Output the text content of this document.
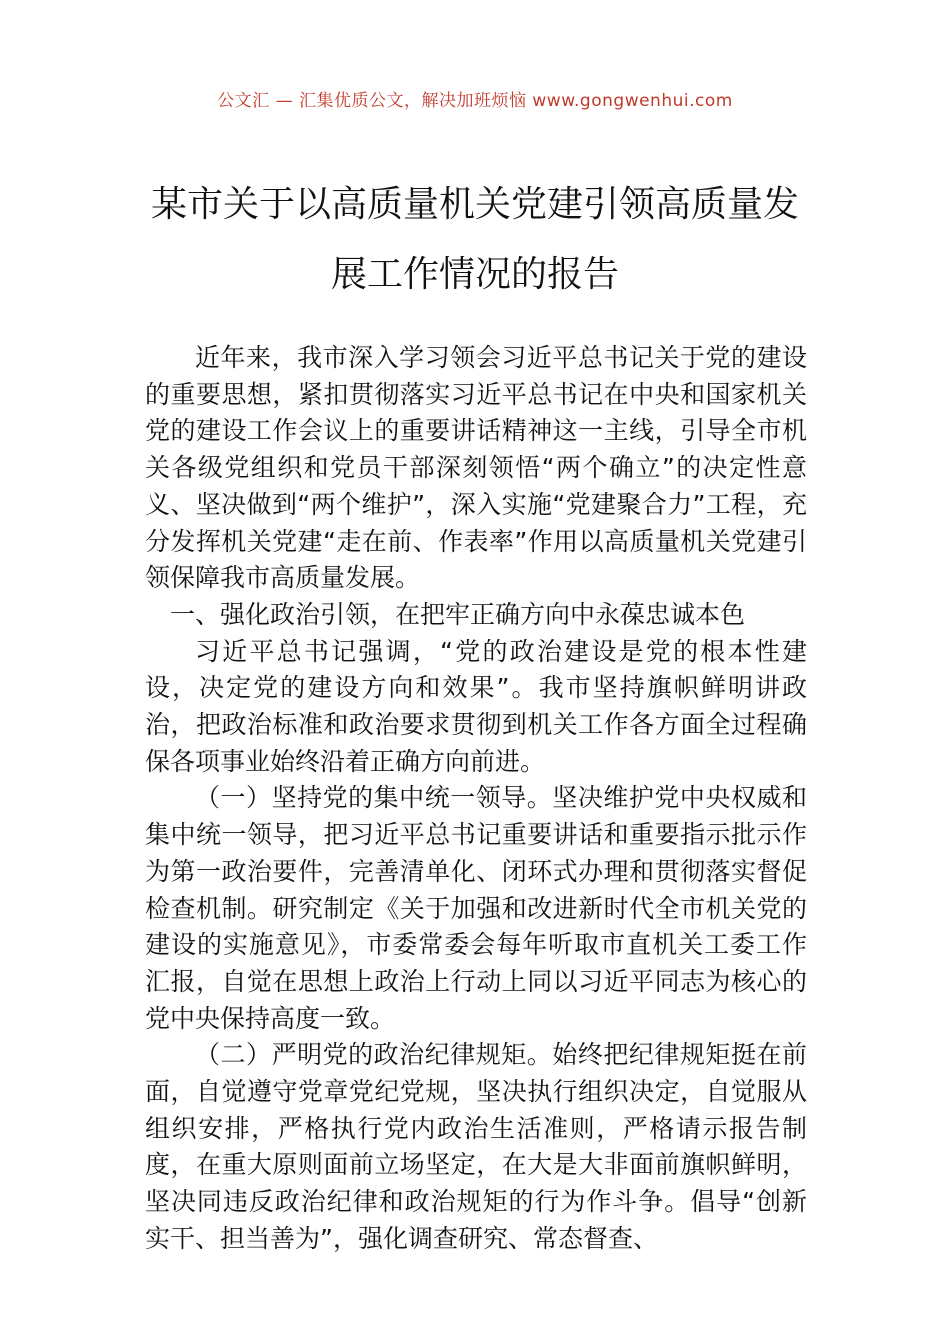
公文汇 — 汇集优质公文，解决加班烦恼 www.gongwenhui.com
某市关于以高质量机关党建引领高质量发展工作情况的报告

近年来，我市深入学习领会习近平总书记关于党的建设的重要思想，紧扣贯彻落实习近平总书记在中央和国家机关党的建设工作会议上的重要讲话精神这一主线，引导全市机关各级党组织和党员干部深刻领悟“两个确立”的决定性意义、坚决做到“两个维护”，深入实施“党建聚合力”工程，充分发挥机关党建“走在前、作表率”作用以高质量机关党建引领保障我市高质量发展。

一、强化政治引领，在把牢正确方向中永葆忠诚本色

习近平总书记强调，“党的政治建设是党的根本性建设，决定党的建设方向和效果”。我市坚持旗帜鲜明讲政治，把政治标准和政治要求贯彻到机关工作各方面全过程确保各项事业始终沿着正确方向前进。

（一）坚持党的集中统一领导。坚决维护党中央权威和集中统一领导，把习近平总书记重要讲话和重要指示批示作为第一政治要件，完善清单化、闭环式办理和贯彻落实督促检查机制。研究制定《关于加强和改进新时代全市机关党的建设的实施意见》，市委常委会每年听取市直机关工委工作汇报，自觉在思想上政治上行动上同以习近平同志为核心的党中央保持高度一致。

（二）严明党的政治纪律规矩。始终把纪律规矩挺在前面，自觉遵守党章党纪党规，坚决执行组织决定，自觉服从组织安排，严格执行党内政治生活准则，严格请示报告制度，在重大原则面前立场坚定，在大是大非面前旗帜鲜明，坚决同违反政治纪律和政治规矩的行为作斗争。倡导“创新实干、担当善为”，强化调查研究、常态督查、
